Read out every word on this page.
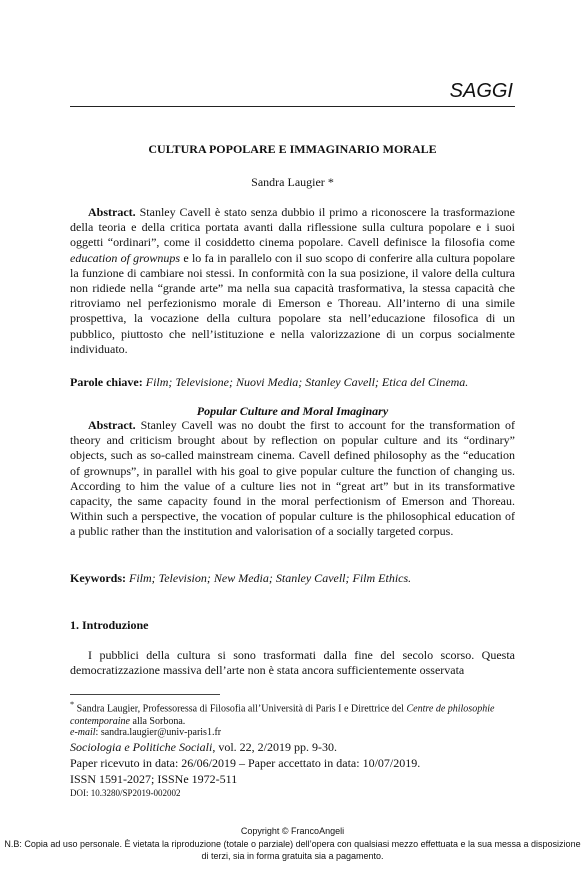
SAGGI
CULTURA POPOLARE E IMMAGINARIO MORALE
Sandra Laugier *
Abstract. Stanley Cavell è stato senza dubbio il primo a riconoscere la trasformazione della teoria e della critica portata avanti dalla riflessione sulla cultura popolare e i suoi oggetti “ordinari”, come il cosiddetto cinema popolare. Cavell definisce la filosofia come education of grownups e lo fa in parallelo con il suo scopo di conferire alla cultura popolare la funzione di cambiare noi stessi. In conformità con la sua posizione, il valore della cultura non ridiede nella “grande arte” ma nella sua capacità trasformativa, la stessa capacità che ritroviamo nel perfezionismo morale di Emerson e Thoreau. All’interno di una simile prospettiva, la vocazione della cultura popolare sta nell’educazione filosofica di un pubblico, piuttosto che nell’istituzione e nella valorizzazione di un corpus socialmente individuato.
Parole chiave: Film; Televisione; Nuovi Media; Stanley Cavell; Etica del Cinema.
Popular Culture and Moral Imaginary
Abstract. Stanley Cavell was no doubt the first to account for the transformation of theory and criticism brought about by reflection on popular culture and its “ordinary” objects, such as so-called mainstream cinema. Cavell defined philosophy as the “education of grownups”, in parallel with his goal to give popular culture the function of changing us. According to him the value of a culture lies not in “great art” but in its transformative capacity, the same capacity found in the moral perfectionism of Emerson and Thoreau. Within such a perspective, the vocation of popular culture is the philosophical education of a public rather than the institution and valorisation of a socially targeted corpus.
Keywords: Film; Television; New Media; Stanley Cavell; Film Ethics.
1. Introduzione
I pubblici della cultura si sono trasformati dalla fine del secolo scorso. Questa democratizzazione massiva dell’arte non è stata ancora sufficientemente osservata
* Sandra Laugier, Professoressa di Filosofia all’Università di Paris I e Direttrice del Centre de philosophie contemporaine alla Sorbona.
e-mail: sandra.laugier@univ-paris1.fr
Sociologia e Politiche Sociali, vol. 22, 2/2019 pp. 9-30.
Paper ricevuto in data: 26/06/2019 – Paper accettato in data: 10/07/2019.
ISSN 1591-2027; ISSNe 1972-511
DOI: 10.3280/SP2019-002002
Copyright © FrancoAngeli
N.B: Copia ad uso personale. È vietata la riproduzione (totale o parziale) dell’opera con qualsiasi mezzo effettuata e la sua messa a disposizione di terzi, sia in forma gratuita sia a pagamento.
